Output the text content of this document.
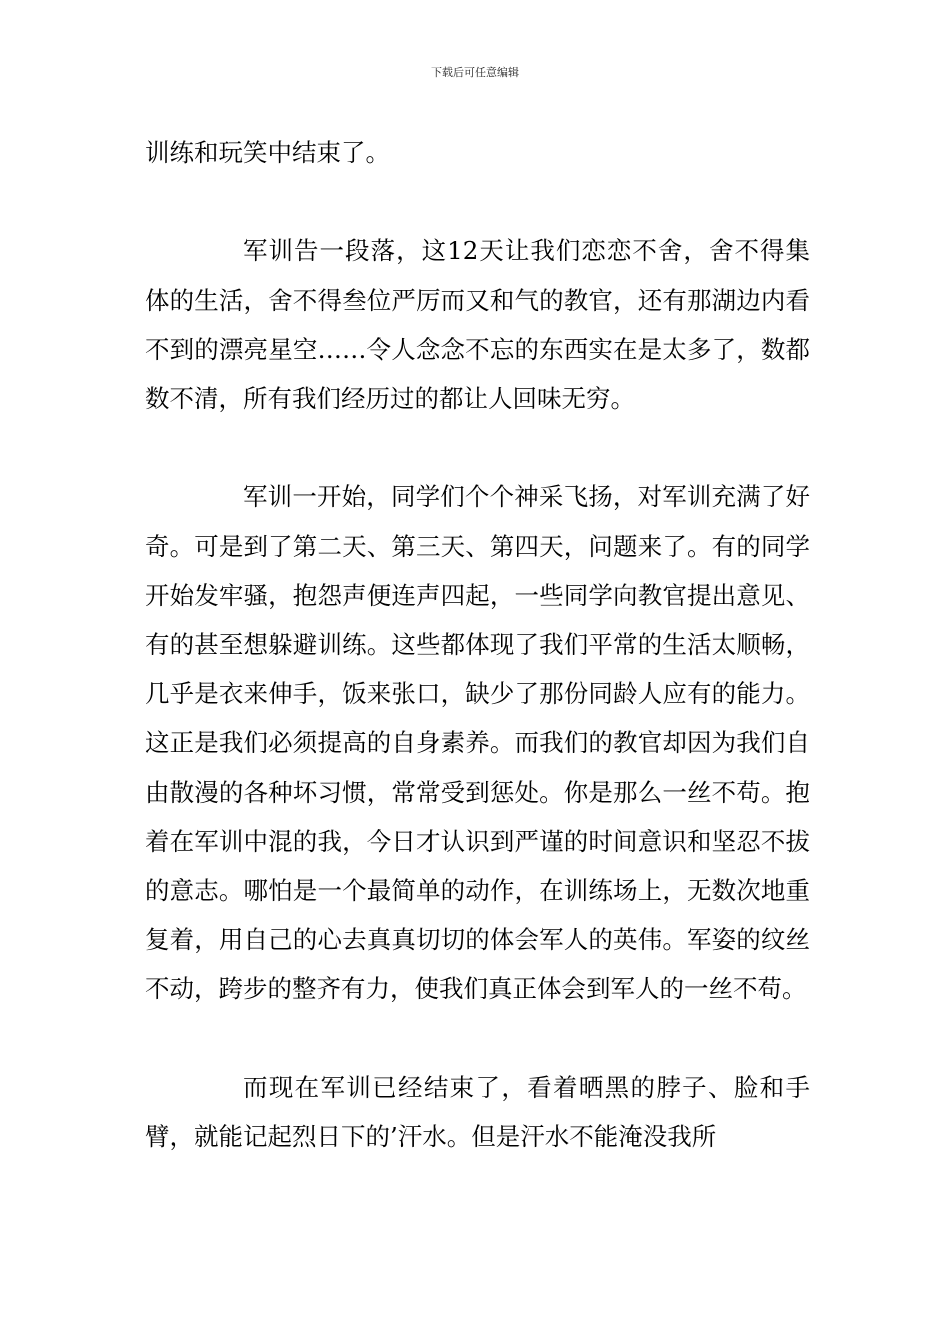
下载后可任意编辑

训练和玩笑中结束了。

军训告一段落，这12天让我们恋恋不舍，舍不得集体的生活，舍不得叁位严厉而又和气的教官，还有那湖边内看不到的漂亮星空……令人念念不忘的东西实在是太多了，数都数不清，所有我们经历过的都让人回味无穷。

军训一开始，同学们个个神采飞扬，对军训充满了好奇。可是到了第二天、第三天、第四天，问题来了。有的同学开始发牢骚，抱怨声便连声四起，一些同学向教官提出意见、有的甚至想躲避训练。这些都体现了我们平常的生活太顺畅，几乎是衣来伸手，饭来张口，缺少了那份同龄人应有的能力。这正是我们必须提高的自身素养。而我们的教官却因为我们自由散漫的各种坏习惯，常常受到惩处。你是那么一丝不苟。抱着在军训中混的我，今日才认识到严谨的时间意识和坚忍不拔的意志。哪怕是一个最简单的动作，在训练场上，无数次地重复着，用自己的心去真真切切的体会军人的英伟。军姿的纹丝不动，跨步的整齐有力，使我们真正体会到军人的一丝不苟。

而现在军训已经结束了，看着晒黑的脖子、脸和手臂，就能记起烈日下的’汗水。但是汗水不能淹没我所
